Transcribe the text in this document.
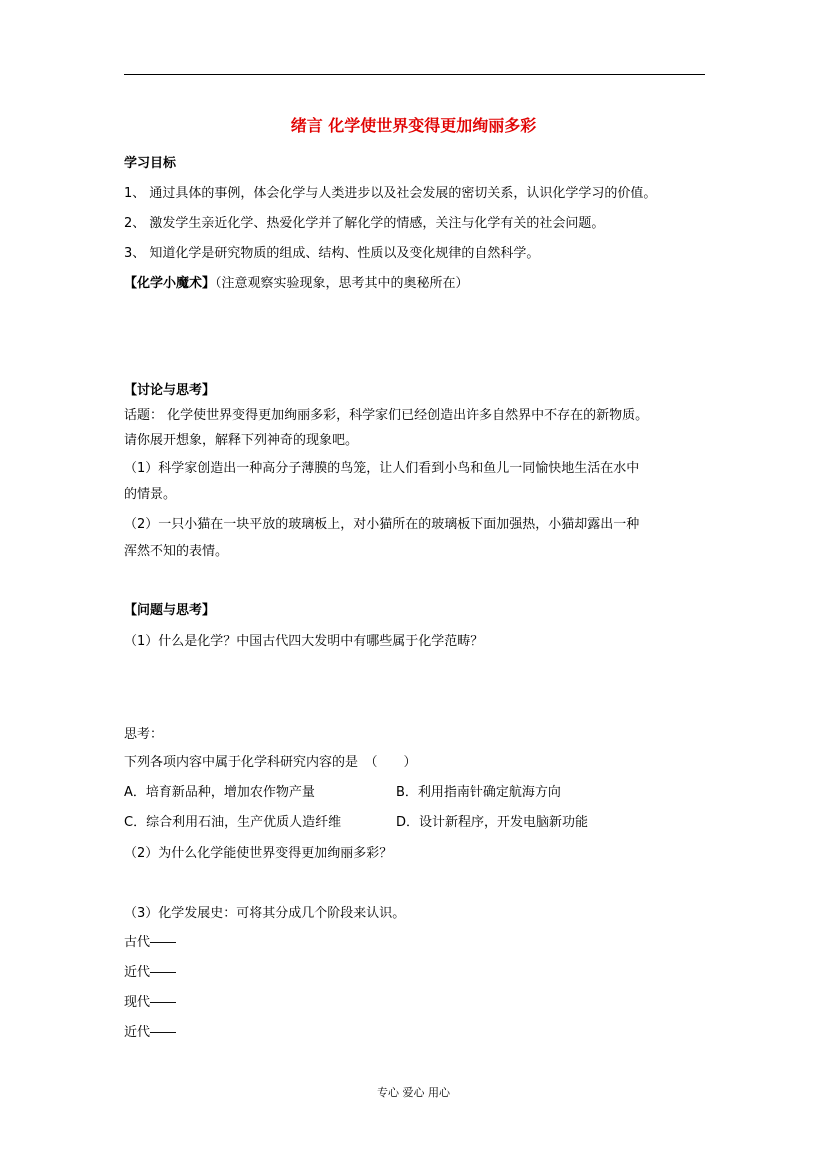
绪言 化学使世界变得更加绚丽多彩
学习目标
1、 通过具体的事例，体会化学与人类进步以及社会发展的密切关系，认识化学学习的价值。
2、 激发学生亲近化学、热爱化学并了解化学的情感，关注与化学有关的社会问题。
3、 知道化学是研究物质的组成、结构、性质以及变化规律的自然科学。
【化学小魔术】（注意观察实验现象，思考其中的奥秘所在）
【讨论与思考】
话题： 化学使世界变得更加绚丽多彩，科学家们已经创造出许多自然界中不存在的新物质。
请你展开想象，解释下列神奇的现象吧。
（1）科学家创造出一种高分子薄膜的鸟笼，让人们看到小鸟和鱼儿一同愉快地生活在水中
的情景。
（2）一只小猫在一块平放的玻璃板上，对小猫所在的玻璃板下面加强热，小猫却露出一种
浑然不知的表情。
【问题与思考】
（1）什么是化学？中国古代四大发明中有哪些属于化学范畴？
思考：
下列各项内容中属于化学科研究内容的是　（　　）
A．培育新品种，增加农作物产量	B．利用指南针确定航海方向
C．综合利用石油，生产优质人造纤维	D．设计新程序，开发电脑新功能
（2）为什么化学能使世界变得更加绚丽多彩？
（3）化学发展史：可将其分成几个阶段来认识。
古代――
近代――
现代――
近代――
专心 爱心 用心
